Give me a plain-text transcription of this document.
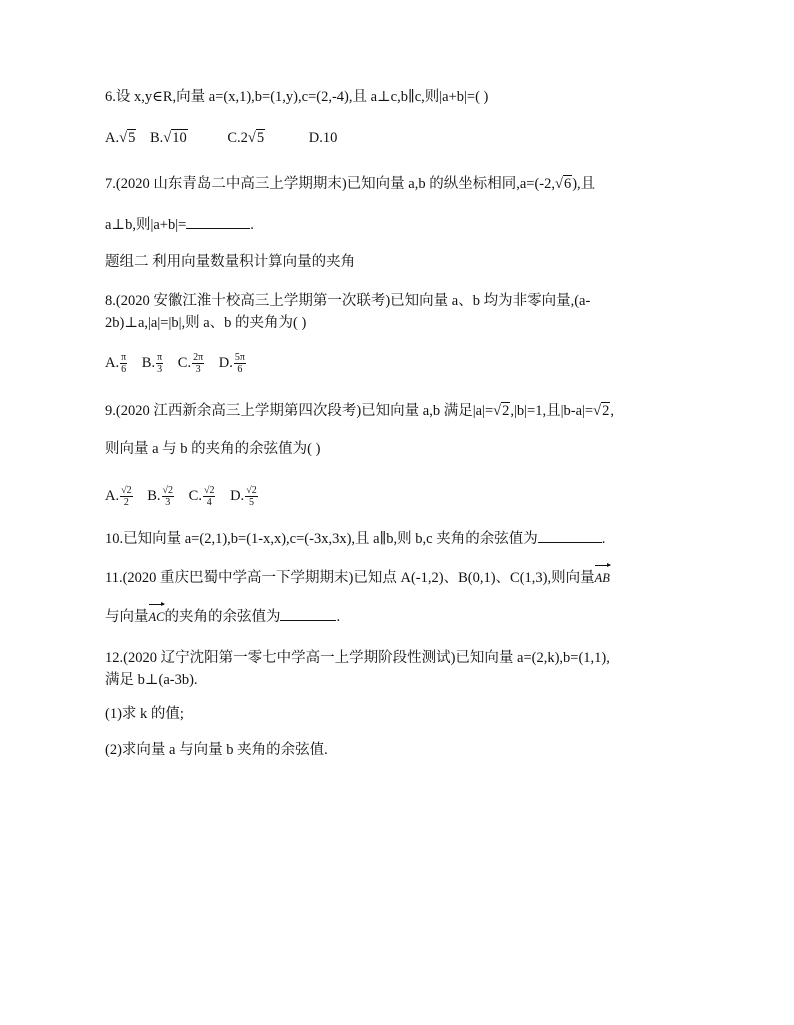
6.设 x,y∈R,向量 a=(x,1),b=(1,y),c=(2,-4),且 a⊥c,b∥c,则|a+b|=( )
A.√5 B.√10	C.2√5	D.10
7.(2020 山东青岛二中高三上学期期末)已知向量 a,b 的纵坐标相同,a=(-2,√6),且
a⊥b,则|a+b|=	.
题组二 利用向量数量积计算向量的夹角
8.(2020 安徽江淮十校高三上学期第一次联考)已知向量 a、b 均为非零向量,(a-
2b)⊥a,|a|=|b|,则 a、b 的夹角为( )
A. $\frac{\pi}{6} B$. $\frac{\pi}{3} C$. $\frac{2\pi}{3} D$. $\frac{5\pi}{6}$
9.(2020 江西新余高三上学期第四次段考)已知向量 a,b 满足|a|=√2,|b|=1,且|b-a|=√2,
则向量 a 与 b 的夹角的余弦值为( )
A. $\frac{√2}{2} B$. $\frac{√2}{3} C$. $\frac{√2}{4} D$. $\frac{√2}{5}$
10.已知向量 a=(2,1),b=(1-x,x),c=(-3x,3x),且 a∥b,则 b,c 夹角的余弦值为	.
11.(2020 重庆巴蜀中学高一下学期期末)已知点 A(-1,2)、B(0,1)、C(1,3),则向量
AB
与向量
AC的夹角的余弦值为	.
12.(2020 辽宁沈阳第一零七中学高一上学期阶段性测试)已知向量 a=(2,k),b=(1,1),
满足 b⊥(a-3b).
(1)求 k 的值;
(2)求向量 a 与向量 b 夹角的余弦值.
